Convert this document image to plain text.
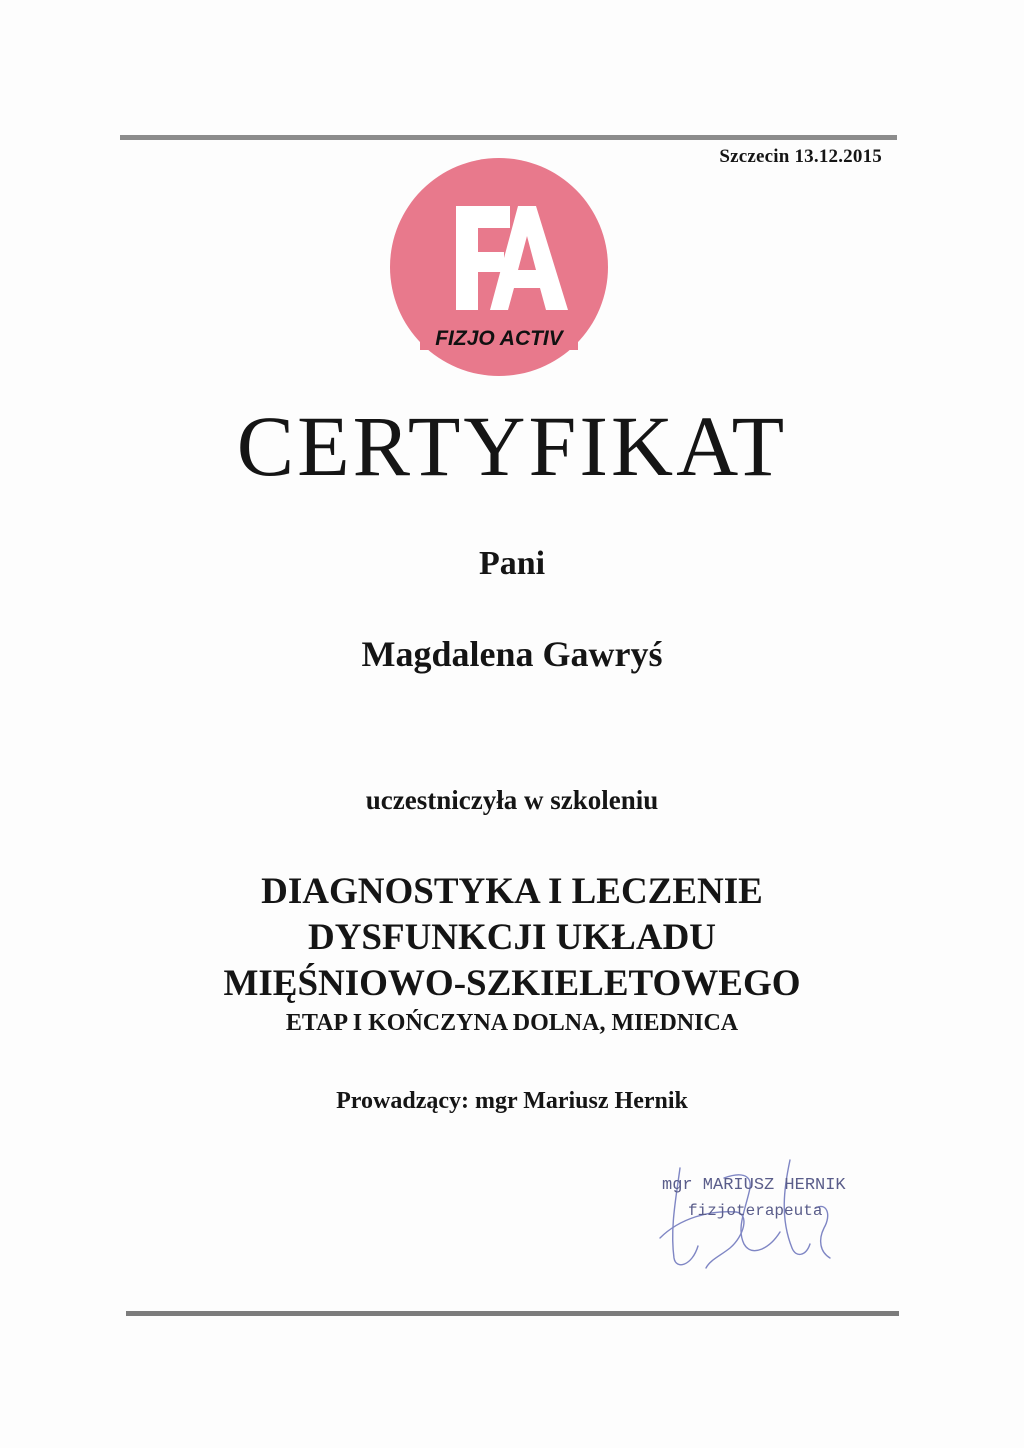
Szczecin 13.12.2015
FIZJO ACTIV
CERTYFIKAT
Pani
Magdalena Gawryś
uczestniczyła w szkoleniu
DIAGNOSTYKA I LECZENIE
DYSFUNKCJI UKŁADU
MIĘŚNIOWO-SZKIELETOWEGO
ETAP I KOŃCZYNA DOLNA, MIEDNICA
Prowadzący: mgr Mariusz Hernik
mgr MARIUSZ HERNIK
fizjoterapeuta
